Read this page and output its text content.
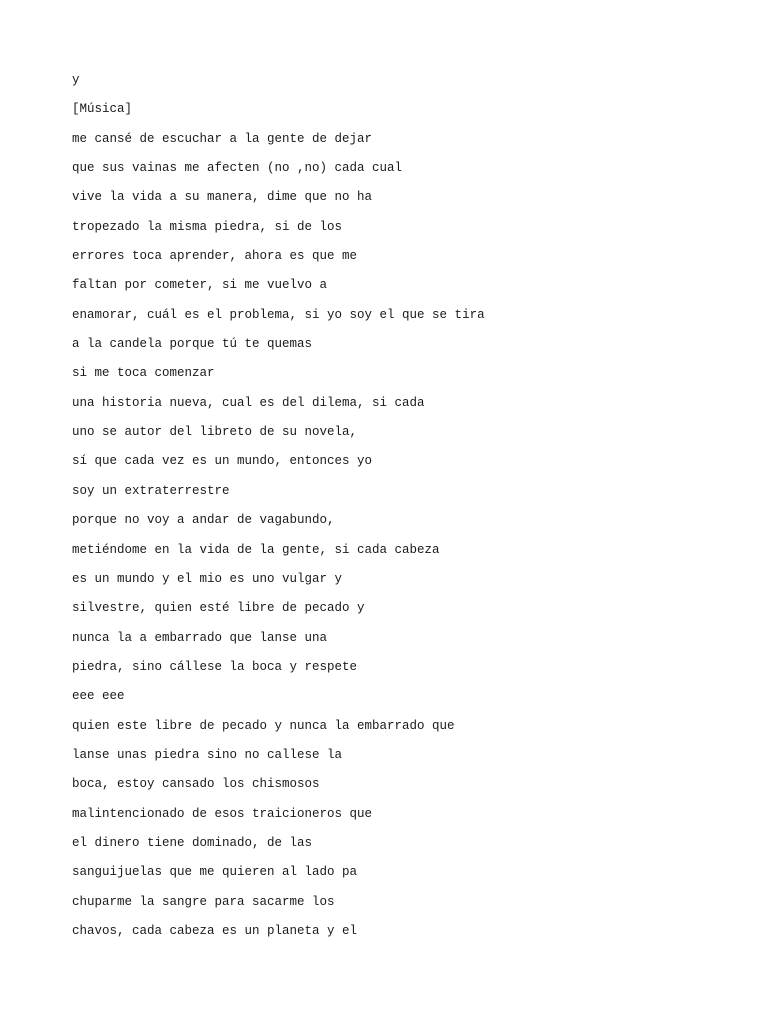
y
[Música]
me cansé de escuchar a la gente de dejar
que sus vainas me afecten (no ,no) cada cual
vive la vida a su manera, dime que no ha
tropezado la misma piedra, si de los
errores toca aprender, ahora es que me
faltan por cometer, si me vuelvo a
enamorar, cuál es el problema, si yo soy el que se tira
a la candela porque tú te quemas
si me toca comenzar
una historia nueva, cual es del dilema, si cada
uno se autor del libreto de su novela,
sí que cada vez es un mundo, entonces yo
soy un extraterrestre
porque no voy a andar de vagabundo,
metiéndome en la vida de la gente, si cada cabeza
es un mundo y el mio es uno vulgar y
silvestre, quien esté libre de pecado y
nunca la a embarrado que lanse una
piedra, sino cállese la boca y respete
eee eee
quien este libre de pecado y nunca la embarrado que
lanse unas piedra sino no callese la
boca, estoy cansado los chismosos
malintencionado de esos traicioneros que
el dinero tiene dominado, de las
sanguijuelas que me quieren al lado pa
chuparme la sangre para sacarme los
chavos, cada cabeza es un planeta y el
